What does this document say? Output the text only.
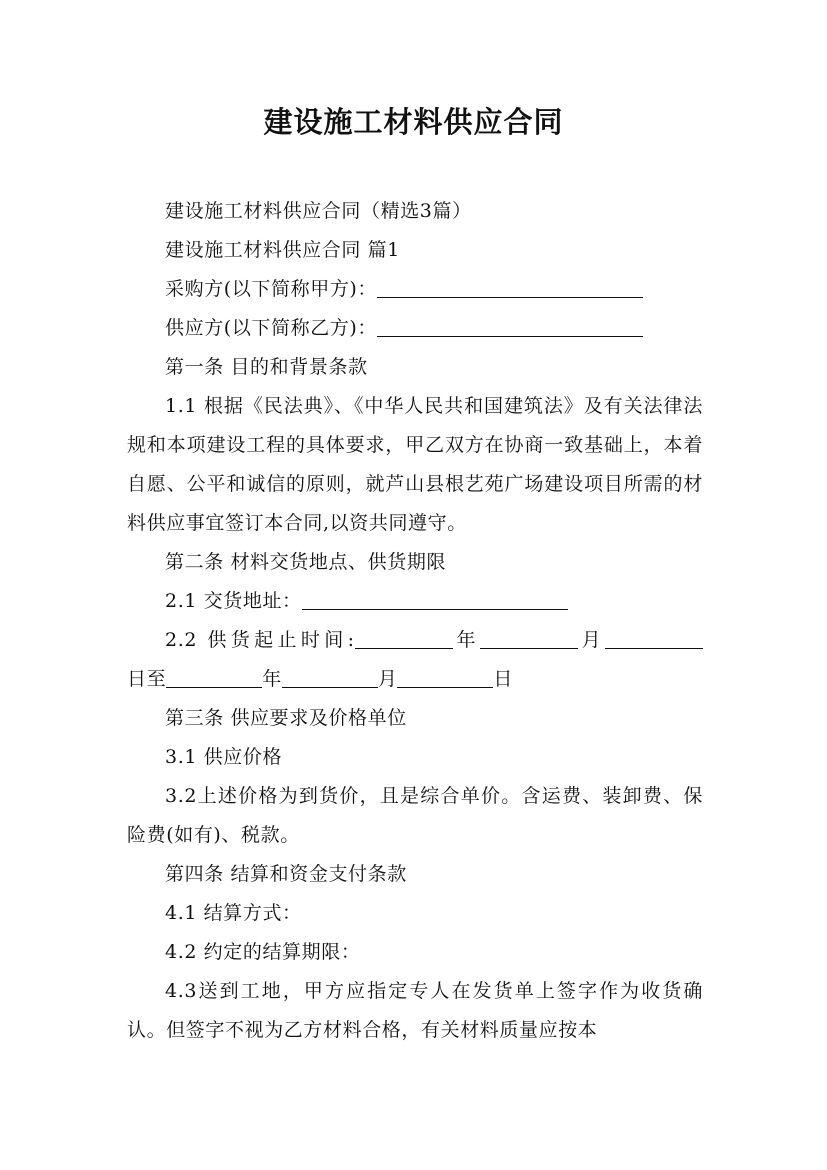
建设施工材料供应合同

建设施工材料供应合同（精选3篇）

建设施工材料供应合同 篇1

采购方(以下简称甲方)：

供应方(以下简称乙方)：

第一条 目的和背景条款

1.1 根据《民法典》、《中华人民共和国建筑法》及有关法律法规和本项建设工程的具体要求，甲乙双方在协商一致基础上，本着自愿、公平和诚信的原则，就芦山县根艺苑广场建设项目所需的材料供应事宜签订本合同,以资共同遵守。

第二条 材料交货地点、供货期限

2.1 交货地址：

2.2 供货起止时间:	年	月

日至	年	月	日

第三条 供应要求及价格单位

3.1 供应价格

3.2上述价格为到货价，且是综合单价。含运费、装卸费、保险费(如有)、税款。

第四条 结算和资金支付条款

4.1 结算方式：

4.2 约定的结算期限：

4.3送到工地，甲方应指定专人在发货单上签字作为收货确认。但签字不视为乙方材料合格，有关材料质量应按本
